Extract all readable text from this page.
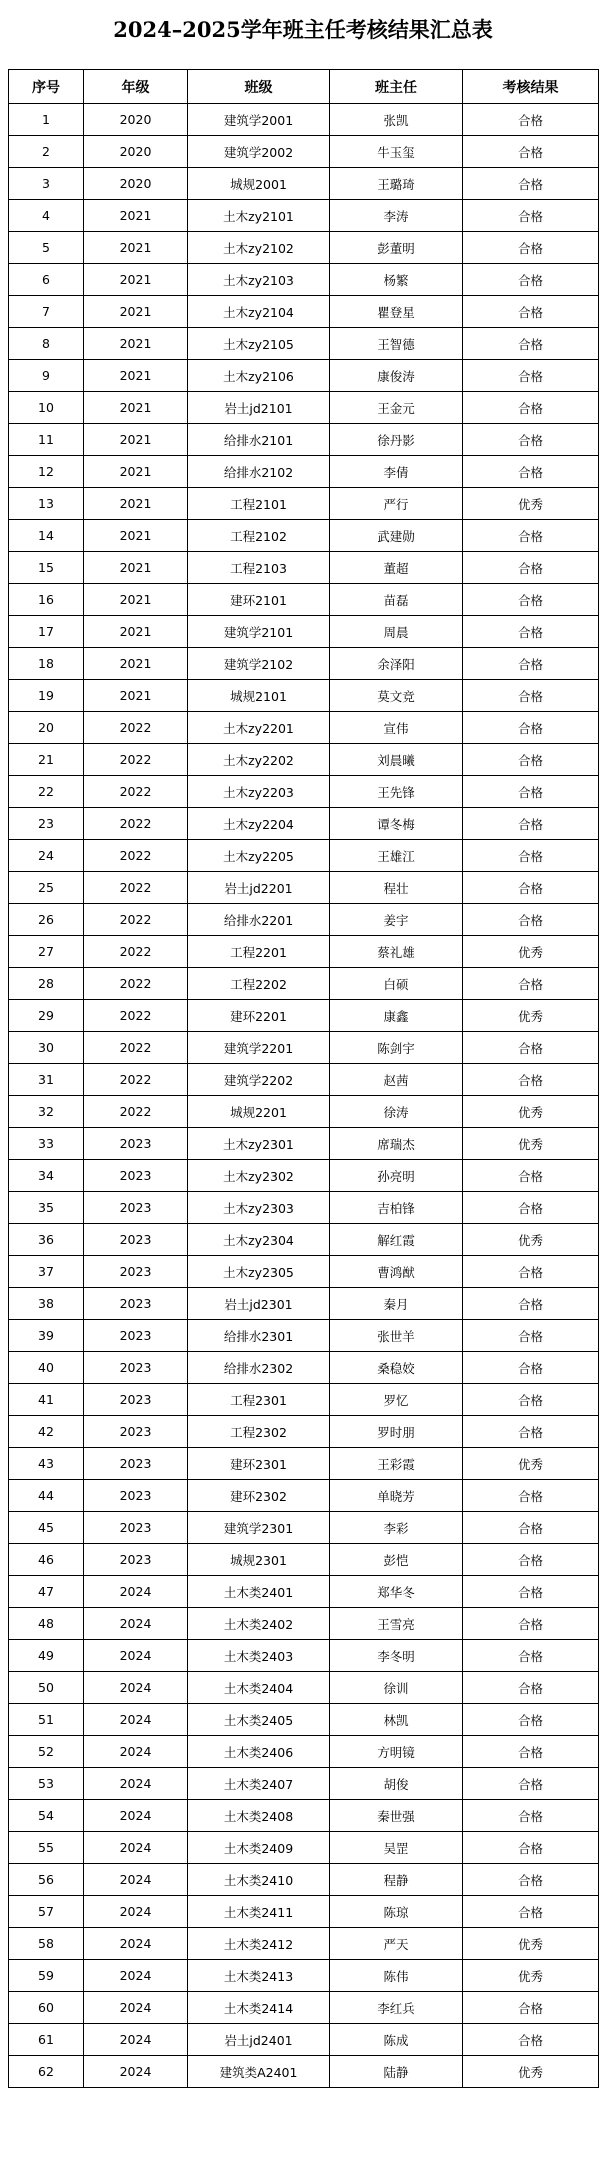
2024–2025学年班主任考核结果汇总表
序号	年级	班级	班主任	考核结果
1	2020	建筑学2001	张凯	合格
2	2020	建筑学2002	牛玉玺	合格
3	2020	城规2001	王璐琦	合格
4	2021	土木zy2101	李涛	合格
5	2021	土木zy2102	彭董明	合格
6	2021	土木zy2103	杨繁	合格
7	2021	土木zy2104	瞿登星	合格
8	2021	土木zy2105	王智德	合格
9	2021	土木zy2106	康俊涛	合格
10	2021	岩土jd2101	王金元	合格
11	2021	给排水2101	徐丹影	合格
12	2021	给排水2102	李倩	合格
13	2021	工程2101	严行	优秀
14	2021	工程2102	武建勋	合格
15	2021	工程2103	董超	合格
16	2021	建环2101	苗磊	合格
17	2021	建筑学2101	周晨	合格
18	2021	建筑学2102	余泽阳	合格
19	2021	城规2101	莫文竞	合格
20	2022	土木zy2201	宣伟	合格
21	2022	土木zy2202	刘晨曦	合格
22	2022	土木zy2203	王先锋	合格
23	2022	土木zy2204	谭冬梅	合格
24	2022	土木zy2205	王雄江	合格
25	2022	岩土jd2201	程壮	合格
26	2022	给排水2201	姜宇	合格
27	2022	工程2201	蔡礼雄	优秀
28	2022	工程2202	白硕	合格
29	2022	建环2201	康鑫	优秀
30	2022	建筑学2201	陈剑宇	合格
31	2022	建筑学2202	赵茜	合格
32	2022	城规2201	徐涛	优秀
33	2023	土木zy2301	席瑞杰	优秀
34	2023	土木zy2302	孙亮明	合格
35	2023	土木zy2303	吉柏锋	合格
36	2023	土木zy2304	解红霞	优秀
37	2023	土木zy2305	曹鸿猷	合格
38	2023	岩土jd2301	秦月	合格
39	2023	给排水2301	张世羊	合格
40	2023	给排水2302	桑稳姣	合格
41	2023	工程2301	罗忆	合格
42	2023	工程2302	罗时朋	合格
43	2023	建环2301	王彩霞	优秀
44	2023	建环2302	单晓芳	合格
45	2023	建筑学2301	李彩	合格
46	2023	城规2301	彭恺	合格
47	2024	土木类2401	郑华冬	合格
48	2024	土木类2402	王雪亮	合格
49	2024	土木类2403	李冬明	合格
50	2024	土木类2404	徐训	合格
51	2024	土木类2405	林凯	合格
52	2024	土木类2406	方明镜	合格
53	2024	土木类2407	胡俊	合格
54	2024	土木类2408	秦世强	合格
55	2024	土木类2409	吴罡	合格
56	2024	土木类2410	程静	合格
57	2024	土木类2411	陈琼	合格
58	2024	土木类2412	严天	优秀
59	2024	土木类2413	陈伟	优秀
60	2024	土木类2414	李红兵	合格
61	2024	岩土jd2401	陈成	合格
62	2024	建筑类A2401	陆静	优秀
